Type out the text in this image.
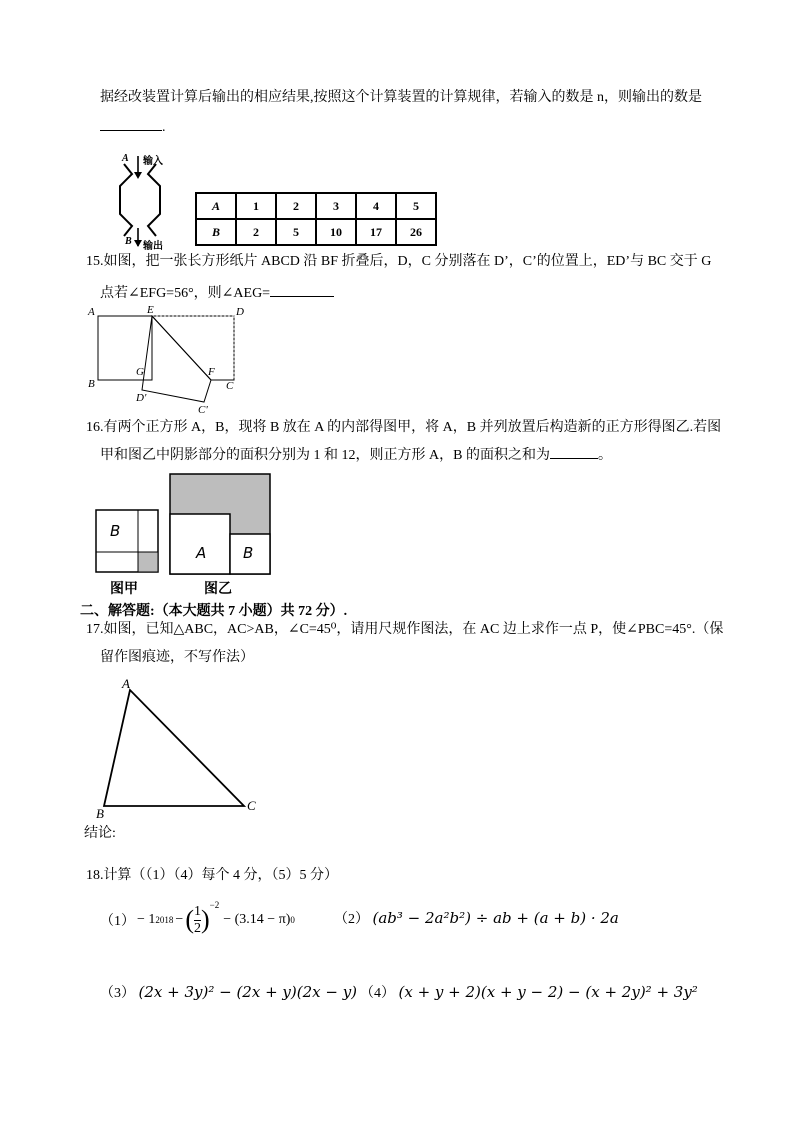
据经改装置计算后输出的相应结果,按照这个计算装置的计算规律，若输入的数是 n，则输出的数是
.
A 输入
B 输出
A	1	2	3	4	5
B	2	5	10	17	26
15.如图，把一张长方形纸片 ABCD 沿 BF 折叠后，D，C 分别落在 D’，C’的位置上，ED’与 BC 交于 G
点若∠EFG=56°，则∠AEG=
A	E	D
B
G	F
C
D'
C'
16.有两个正方形 A，B，现将 B 放在 A 的内部得图甲，将 A，B 并列放置后构造新的正方形得图乙.若图
甲和图乙中阴影部分的面积分别为 1 和 12，则正方形 A，B 的面积之和为	。
B
A B
图甲	图乙
二、解答题:（本大题共 7 小题）共 72 分）.
17.如图，已知△ABC，AC>AB，∠C=45⁰，请用尺规作图法，在 AC 边上求作一点 P，使∠PBC=45°.（保
留作图痕迹，不写作法）
A
B
C
结论:
18.计算（（1）（4）每个 4 分，（5）5 分）
（1） − 1 2018 − ( $\frac{1}{2} )^{-2}$
− (3.14 − π) 0	（2） (ab³ − 2a²b²) ÷ ab + (a + b) · 2a
（3） (2x + 3y)² − (2x + y)(2x − y) （4） (x + y + 2)(x + y − 2) − (x + 2y)² + 3y²
